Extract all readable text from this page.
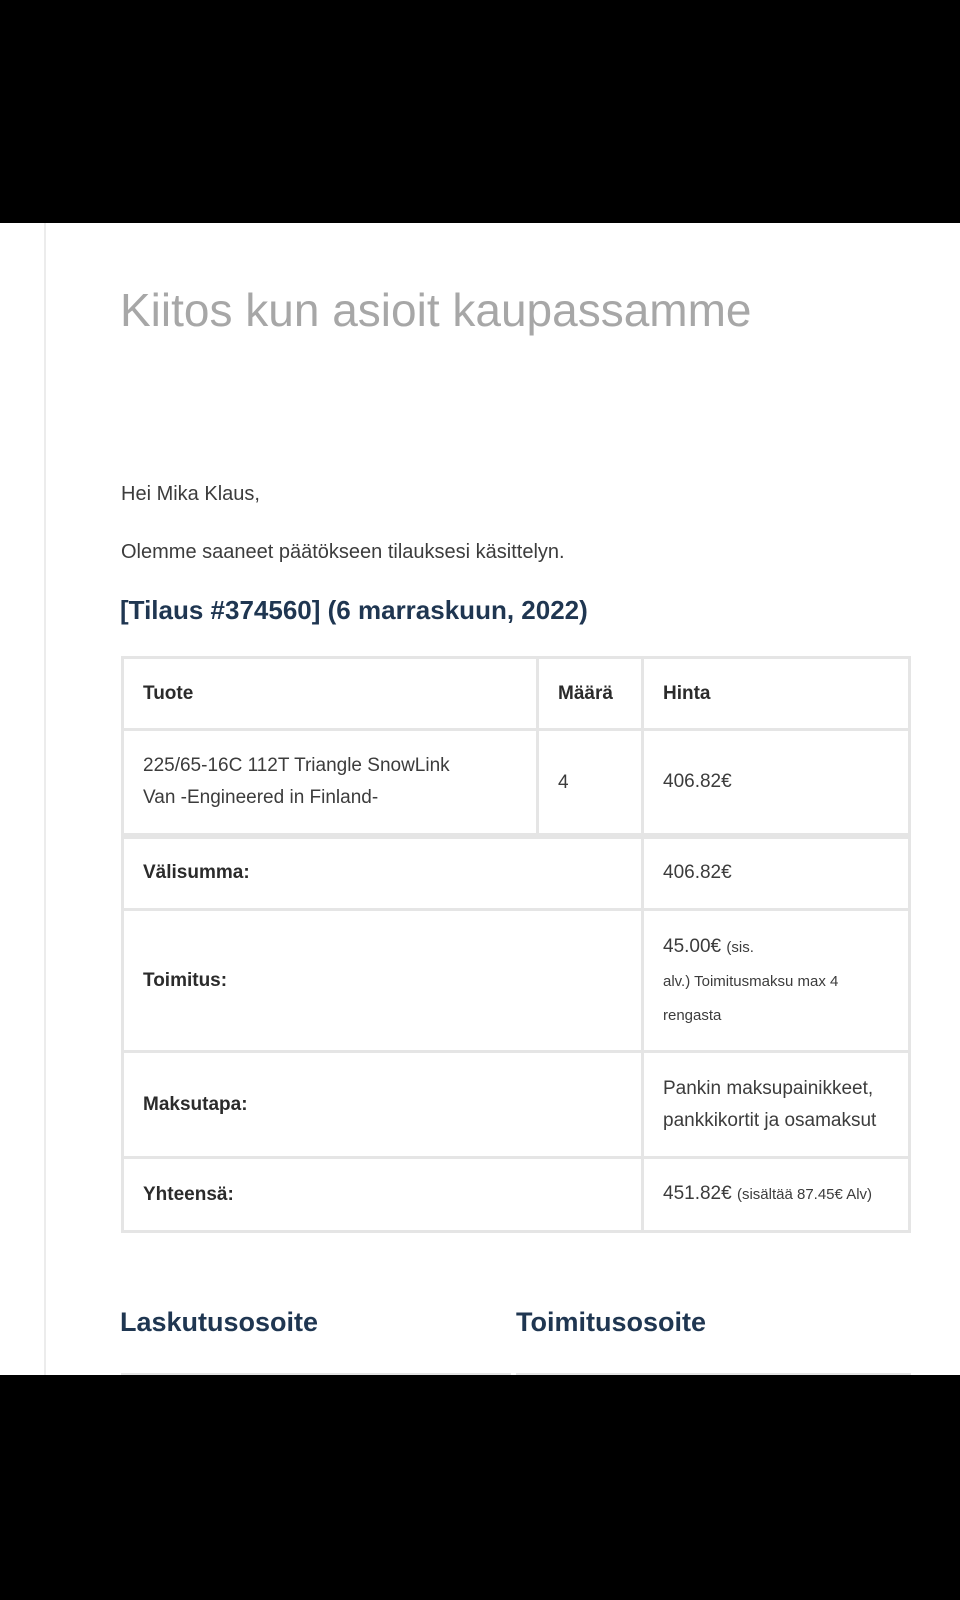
Kiitos kun asioit kaupassamme

Hei Mika Klaus,

Olemme saaneet päätökseen tilauksesi käsittelyn.

[Tilaus #374560] (6 marraskuun, 2022)
Tuote	Määrä	Hinta

225/65-16C 112T Triangle SnowLink
Van -Engineered in Finland-	4	406.82€
Välisumma:		406.82€
Toimitus:		45.00€ (sis.
alv.) Toimitusmaksu max 4
rengasta

Maksutapa:		Pankin maksupainikkeet,
pankkikortit ja osamaksut

Yhteensä:		451.82€ (sisältää 87.45€ Alv)
Laskutusosoite	Toimitusosoite
